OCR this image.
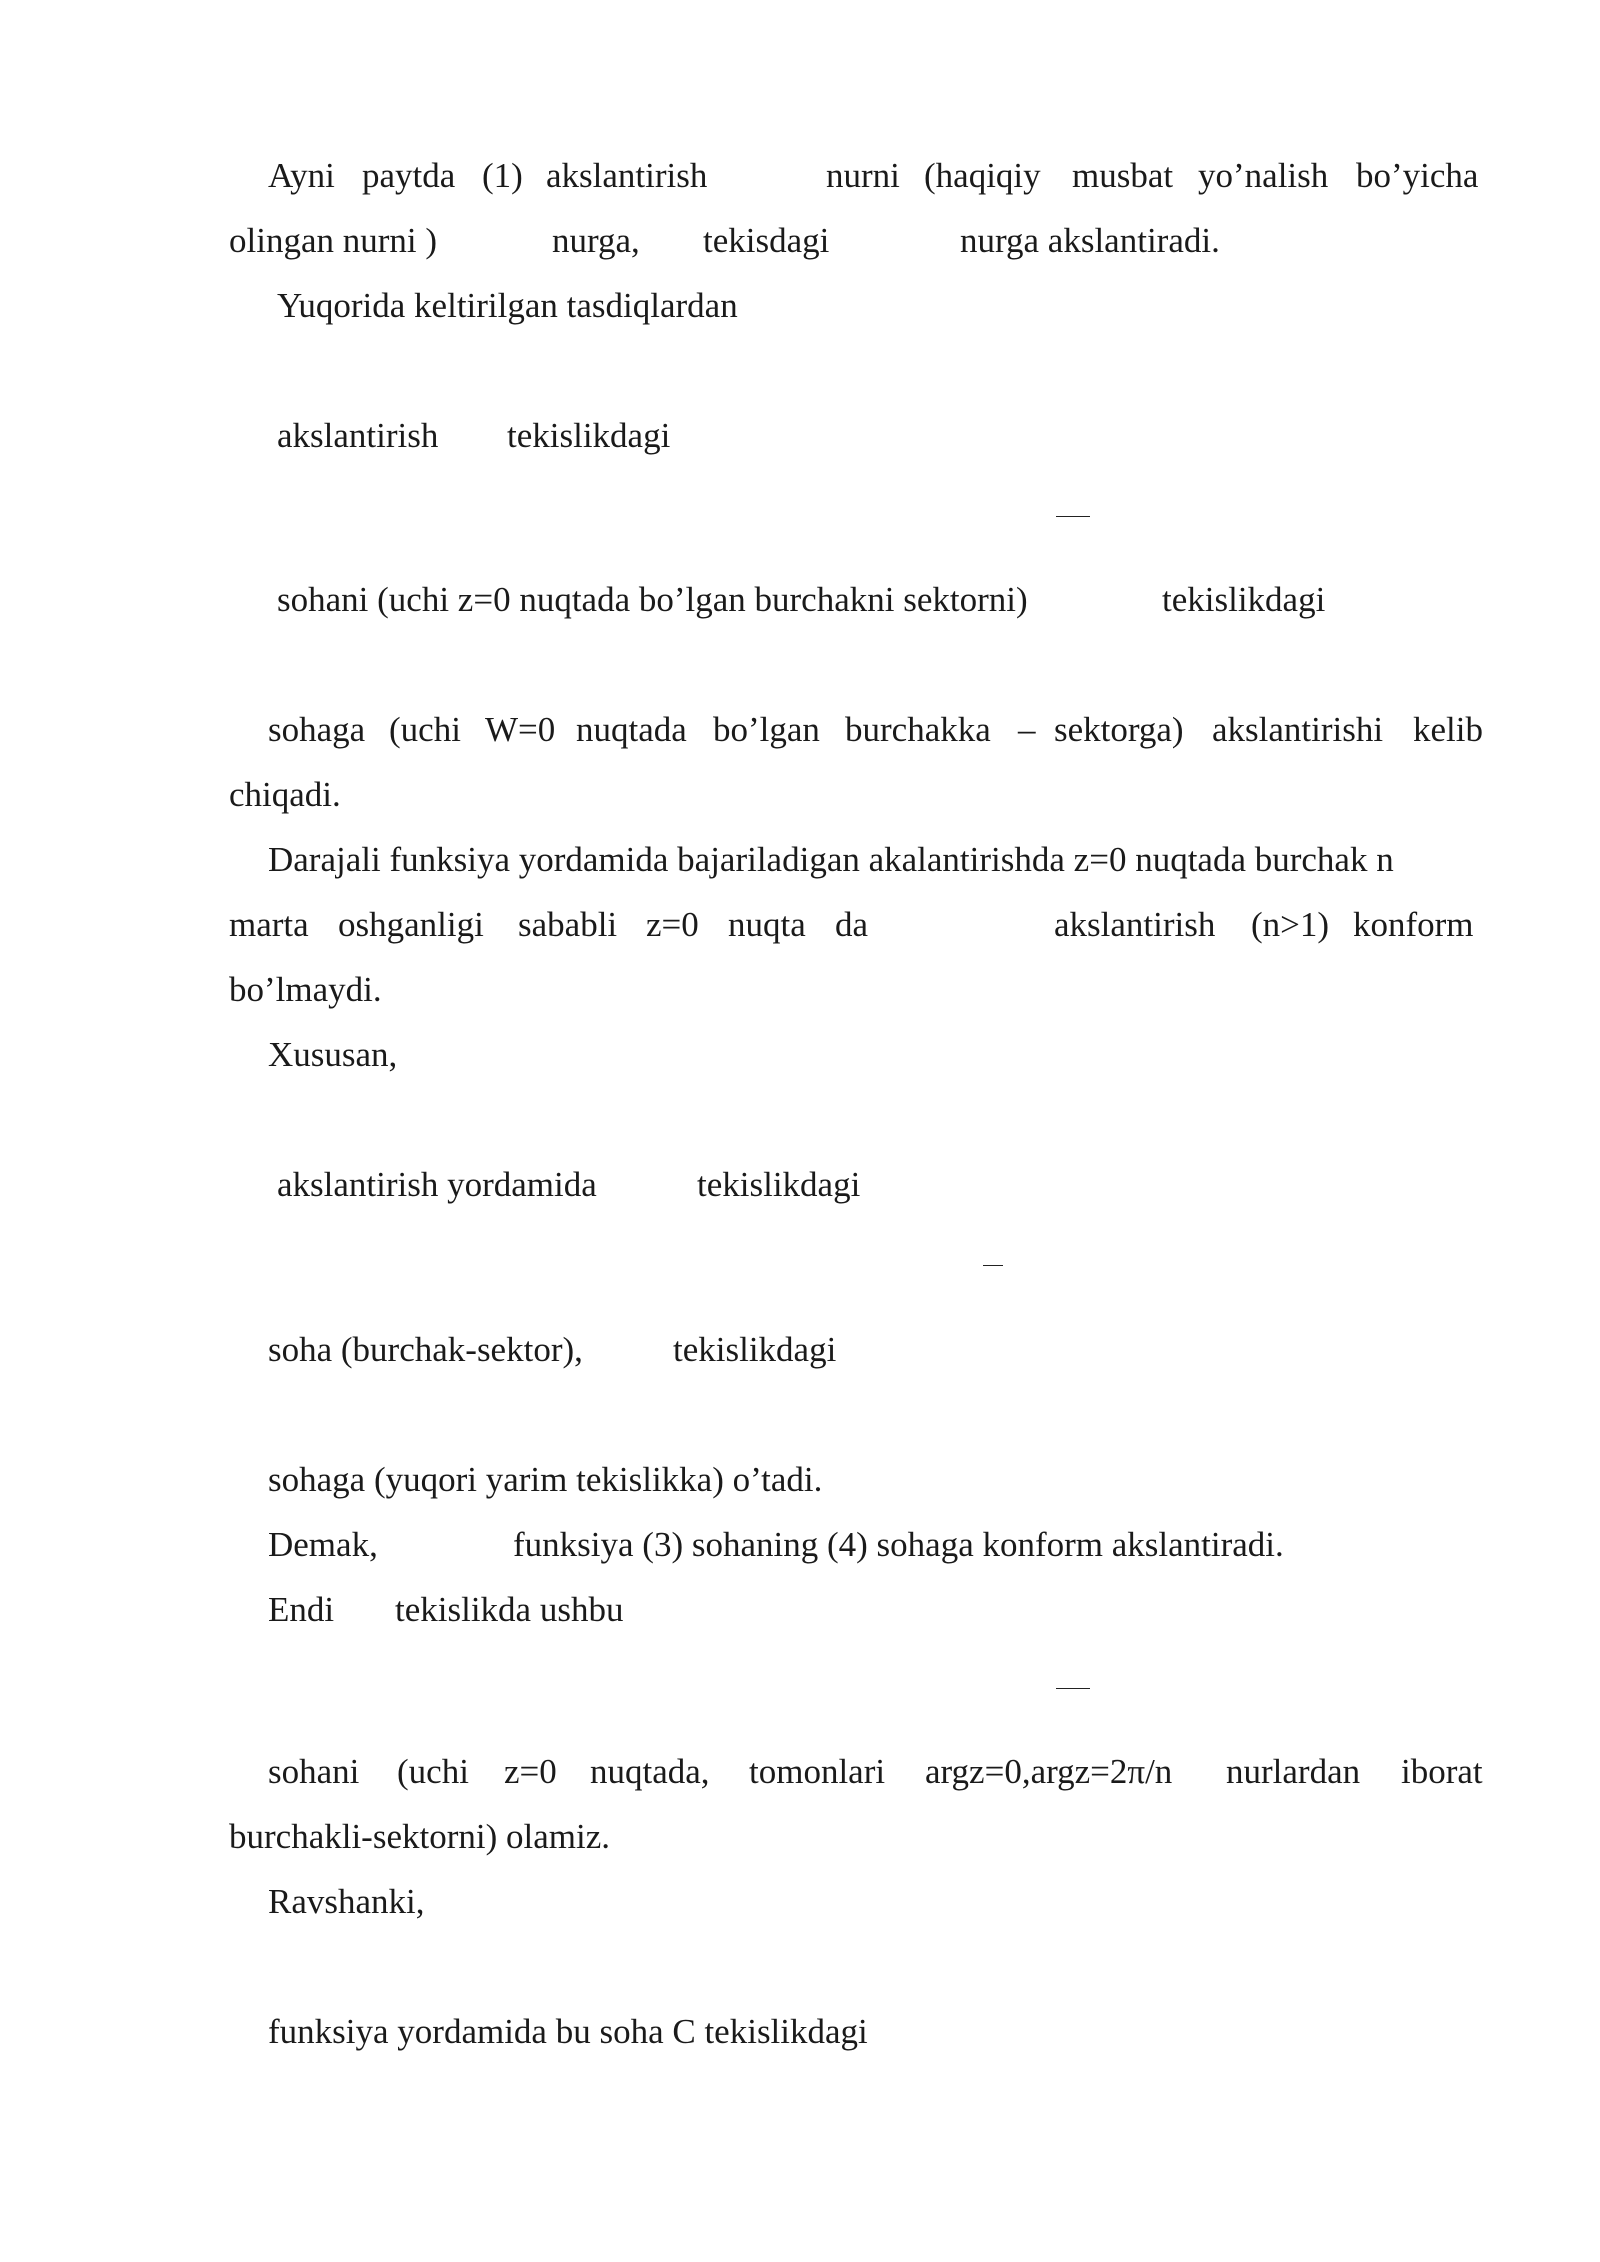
Ayni paytda (1) akslantirish	nurni (haqiqiy musbat yo’nalish bo’yicha
olingan nurni )	nurga, tekisdagi	nurga akslantiradi.
Yuqorida keltirilgan tasdiqlardan
akslantirish tekislikdagi
sohani (uchi z=0 nuqtada bo’lgan burchakni sektorni)	tekislikdagi
sohaga (uchi W=0 nuqtada bo’lgan burchakka – sektorga) akslantirishi kelib
chiqadi.
Darajali funksiya yordamida bajariladigan akalantirishda z=0 nuqtada burchak n
marta oshganligi sababli z=0 nuqta da	akslantirish (n>1) konform
bo’lmaydi.
Xususan,
akslantirish yordamida	tekislikdagi
soha (burchak-sektor),	tekislikdagi
sohaga (yuqori yarim tekislikka) o’tadi.
Demak,	funksiya (3) sohaning (4) sohaga konform akslantiradi.
Endi tekislikda ushbu
sohani (uchi z=0 nuqtada, tomonlari argz=0,argz=2π/n nurlardan iborat
burchakli-sektorni) olamiz.
Ravshanki,
funksiya yordamida bu soha C tekislikdagi
